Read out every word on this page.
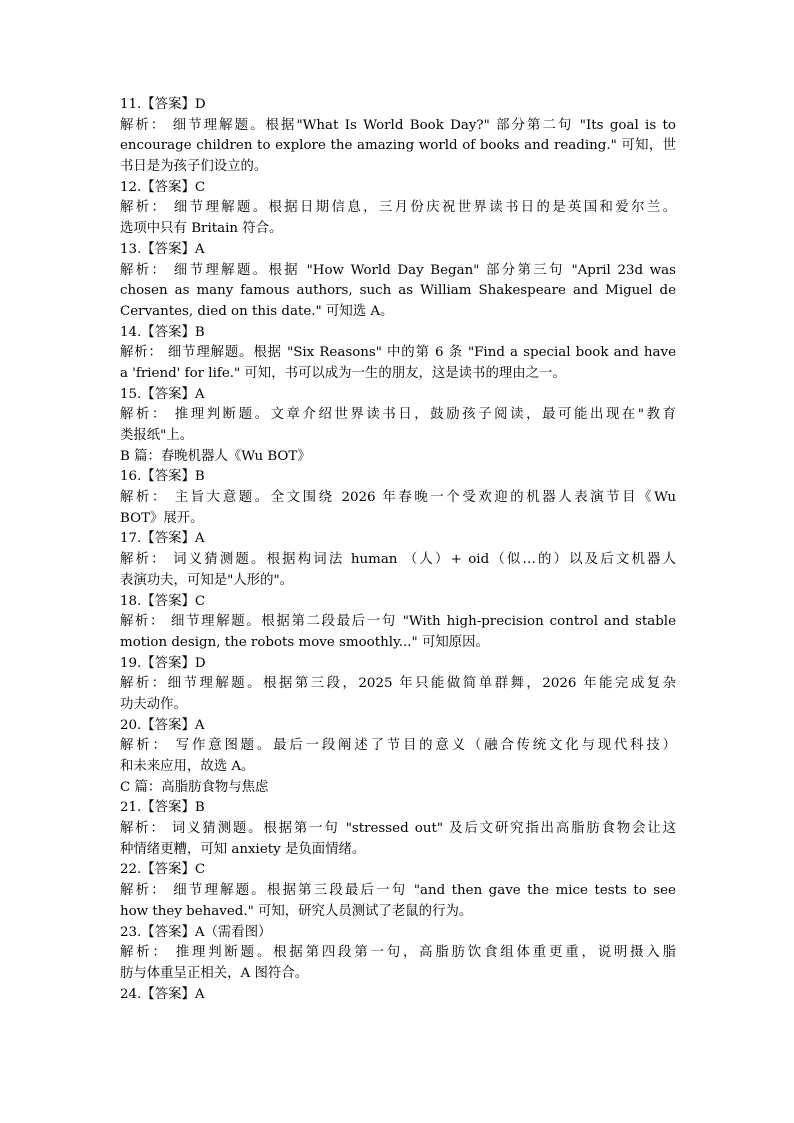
11.【答案】D
解析： 细节理解题。根据"What Is World Book Day?" 部分第二句 "Its goal is to
encourage children to explore the amazing world of books and reading." 可知，世
书日是为孩子们设立的。
12.【答案】C
解析： 细节理解题。根据日期信息，三月份庆祝世界读书日的是英国和爱尔兰。
选项中只有 Britain 符合。
13.【答案】A
解析： 细节理解题。根据 "How World Day Began" 部分第三句 "April 23d was
chosen as many famous authors, such as William Shakespeare and Miguel de
Cervantes, died on this date." 可知选 A。
14.【答案】B
解析： 细节理解题。根据 "Six Reasons" 中的第 6 条 "Find a special book and have
a 'friend' for life." 可知，书可以成为一生的朋友，这是读书的理由之一。
15.【答案】A
解析： 推理判断题。文章介绍世界读书日，鼓励孩子阅读，最可能出现在"教育
类报纸"上。
B 篇：春晚机器人《Wu BOT》
16.【答案】B
解析： 主旨大意题。全文围绕 2026 年春晚一个受欢迎的机器人表演节目《Wu
BOT》展开。
17.【答案】A
解析： 词义猜测题。根据构词法 human （人）+ oid（似…的）以及后文机器人
表演功夫，可知是"人形的"。
18.【答案】C
解析： 细节理解题。根据第二段最后一句 "With high-precision control and stable
motion design, the robots move smoothly..." 可知原因。
19.【答案】D
解析：细节理解题。根据第三段，2025 年只能做简单群舞，2026 年能完成复杂
功夫动作。
20.【答案】A
解析： 写作意图题。最后一段阐述了节目的意义（融合传统文化与现代科技）
和未来应用，故选 A。
C 篇：高脂肪食物与焦虑
21.【答案】B
解析： 词义猜测题。根据第一句 "stressed out" 及后文研究指出高脂肪食物会让这
种情绪更糟，可知 anxiety 是负面情绪。
22.【答案】C
解析： 细节理解题。根据第三段最后一句 "and then gave the mice tests to see
how they behaved." 可知，研究人员测试了老鼠的行为。
23.【答案】A（需看图）
解析： 推理判断题。根据第四段第一句，高脂肪饮食组体重更重，说明摄入脂
肪与体重呈正相关，A 图符合。
24.【答案】A
